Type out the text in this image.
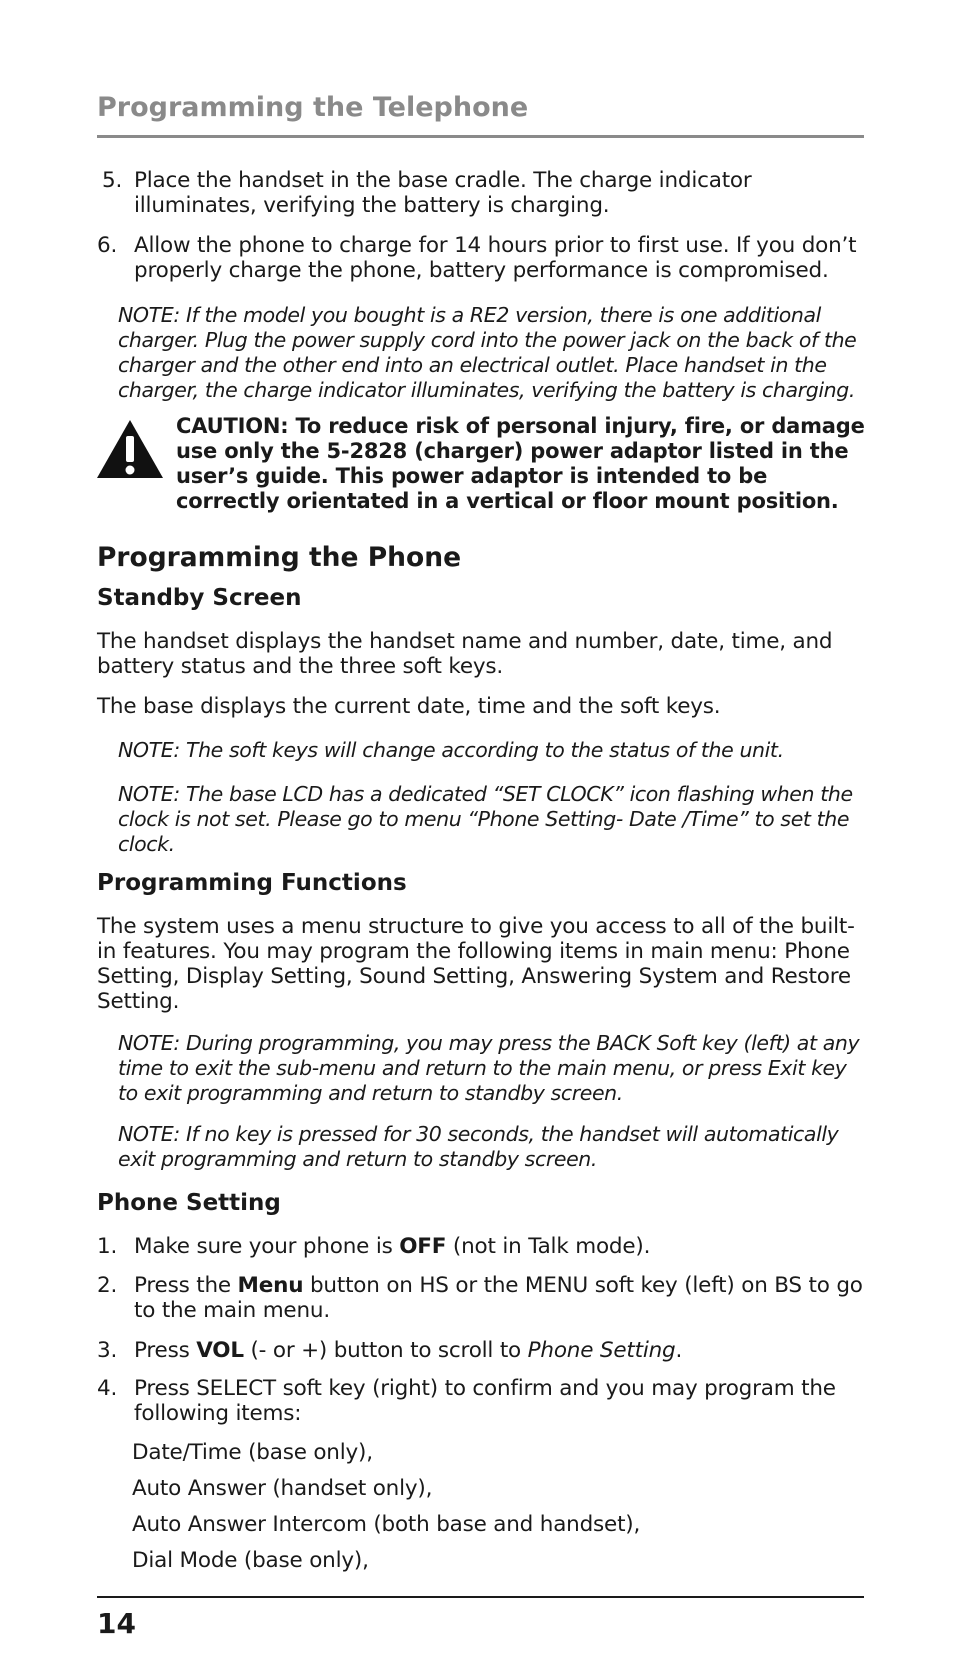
Programming the Telephone
5. Place the handset in the base cradle. The charge indicator illuminates, verifying the battery is charging.
6. Allow the phone to charge for 14 hours prior to first use. If you don’t properly charge the phone, battery performance is compromised.
NOTE: If the model you bought is a RE2 version, there is one additional charger. Plug the power supply cord into the power jack on the back of the charger and the other end into an electrical outlet. Place handset in the charger, the charge indicator illuminates, verifying the battery is charging.
CAUTION: To reduce risk of personal injury, fire, or damage use only the 5-2828 (charger) power adaptor listed in the user’s guide. This power adaptor is intended to be correctly orientated in a vertical or floor mount position.
Programming the Phone
Standby Screen
The handset displays the handset name and number, date, time, and battery status and the three soft keys.
The base displays the current date, time and the soft keys.
NOTE: The soft keys will change according to the status of the unit.
NOTE: The base LCD has a dedicated “SET CLOCK” icon flashing when the clock is not set. Please go to menu “Phone Setting- Date /Time” to set the clock.
Programming Functions
The system uses a menu structure to give you access to all of the built-in features. You may program the following items in main menu: Phone Setting, Display Setting, Sound Setting, Answering System and Restore Setting.
NOTE: During programming, you may press the BACK Soft key (left) at any time to exit the sub-menu and return to the main menu, or press Exit key to exit programming and return to standby screen.
NOTE: If no key is pressed for 30 seconds, the handset will automatically exit programming and return to standby screen.
Phone Setting
1. Make sure your phone is OFF (not in Talk mode).
2. Press the Menu button on HS or the MENU soft key (left) on BS to go to the main menu.
3. Press VOL (- or +) button to scroll to Phone Setting.
4. Press SELECT soft key (right) to confirm and you may program the following items:
Date/Time (base only),
Auto Answer (handset only),
Auto Answer Intercom (both base and handset),
Dial Mode (base only),
14
